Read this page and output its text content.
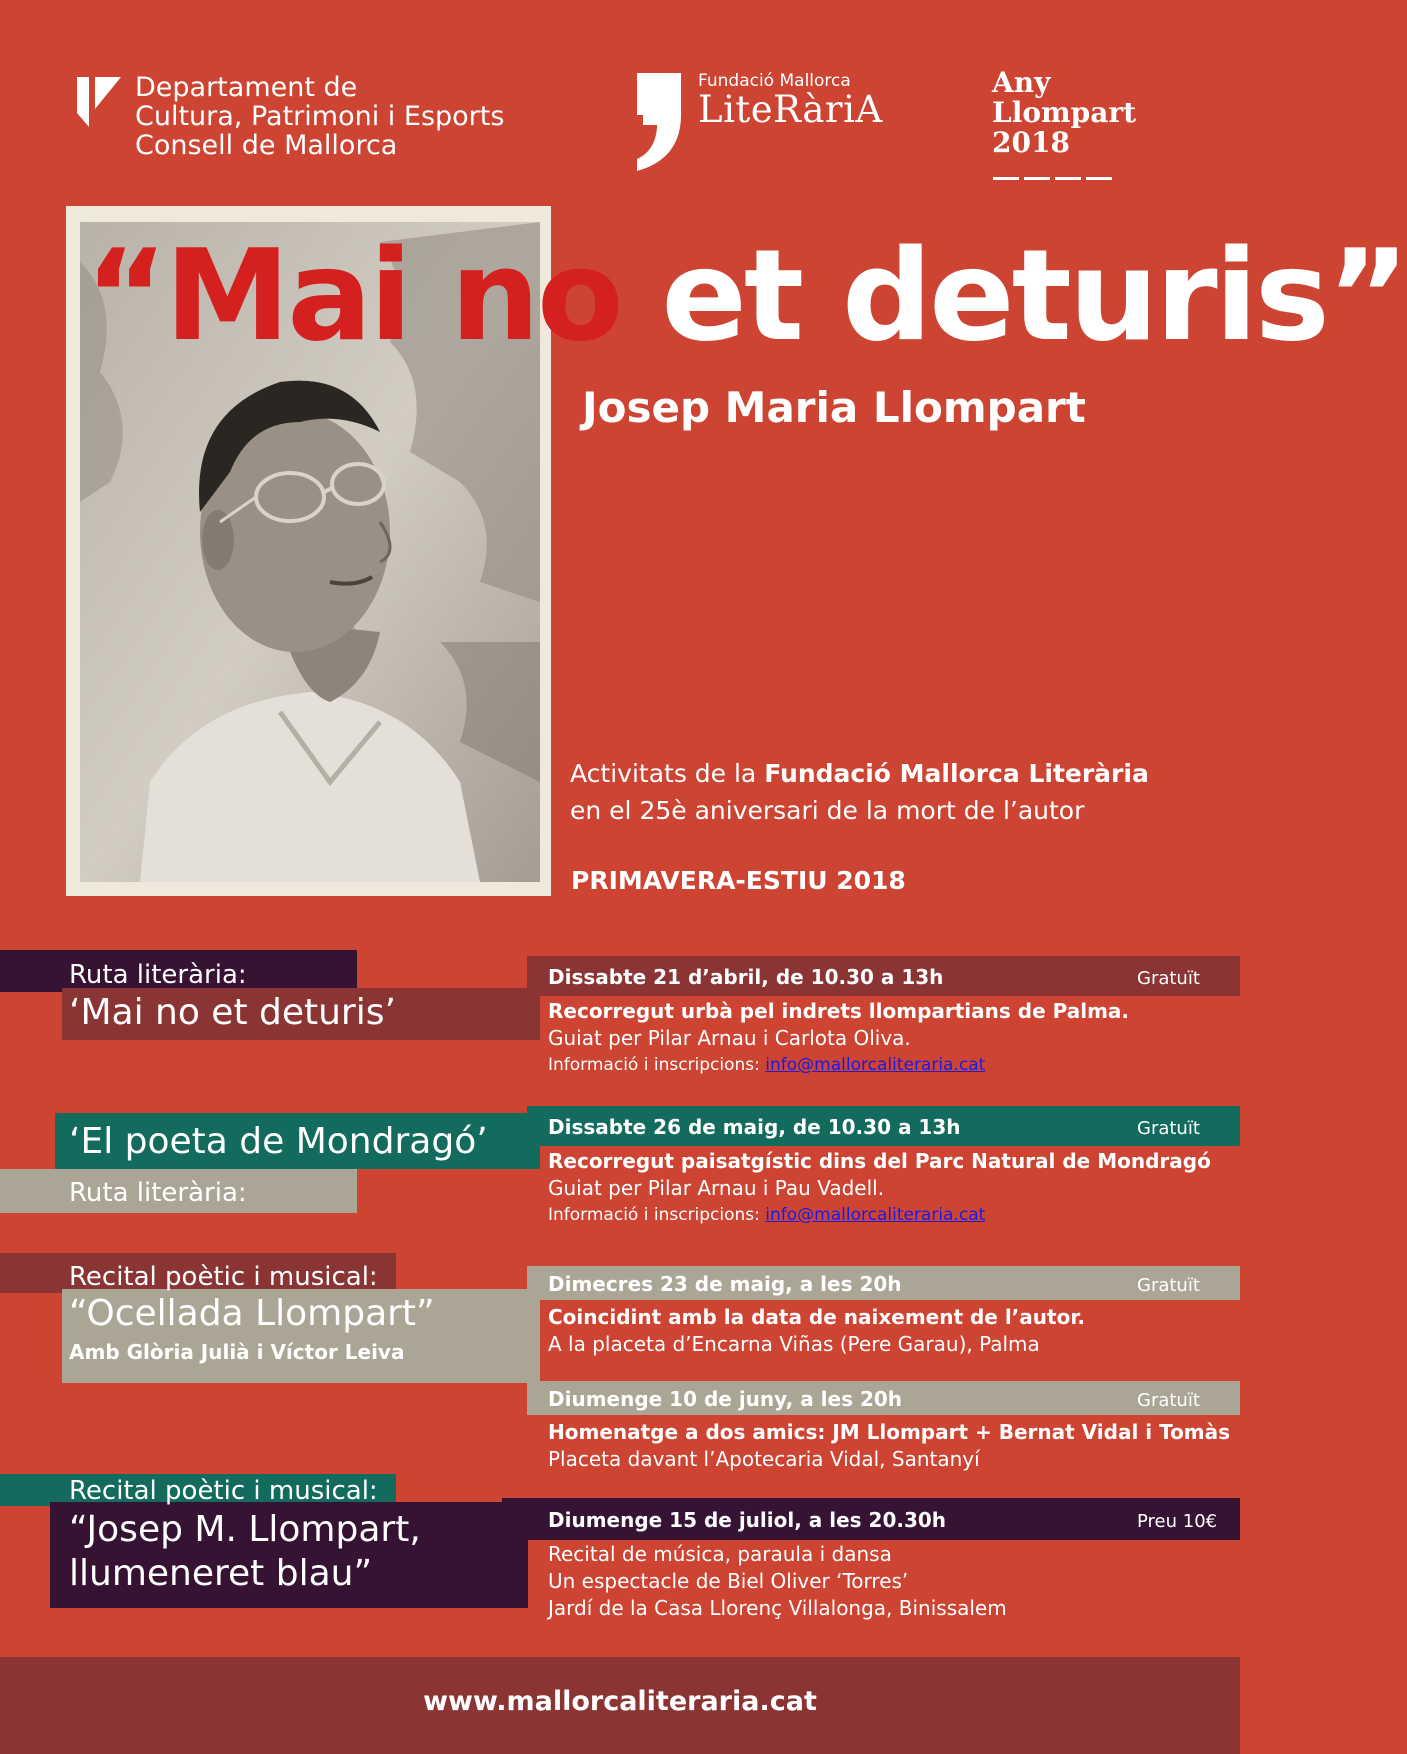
Departament de
Cultura, Patrimoni i Esports
Consell de Mallorca
Fundació Mallorca
LiteRàriA
Any
Llompart
2018
“Mai no et deturis”
Josep Maria Llompart
Activitats de la Fundació Mallorca Literària
en el 25è aniversari de la mort de l’autor
PRIMAVERA-ESTIU 2018
Ruta literària:
‘Mai no et deturis’
Dissabte 21 d’abril, de 10.30 a 13h	Gratuït
Recorregut urbà pel indrets llompartians de Palma.
Guiat per Pilar Arnau i Carlota Oliva.
Informació i inscripcions: info@mallorcaliteraria.cat
‘El poeta de Mondragó’
Ruta literària:
Dissabte 26 de maig, de 10.30 a 13h	Gratuït
Recorregut paisatgístic dins del Parc Natural de Mondragó
Guiat per Pilar Arnau i Pau Vadell.
Informació i inscripcions: info@mallorcaliteraria.cat
Recital poètic i musical:
“Ocellada Llompart”
Amb Glòria Julià i Víctor Leiva
Dimecres 23 de maig, a les 20h	Gratuït
Coincidint amb la data de naixement de l’autor.
A la placeta d’Encarna Viñas (Pere Garau), Palma
Diumenge 10 de juny, a les 20h	Gratuït
Homenatge a dos amics: JM Llompart + Bernat Vidal i Tomàs
Placeta davant l’Apotecaria Vidal, Santanyí
Recital poètic i musical:
“Josep M. Llompart,
llumeneret blau”
Diumenge 15 de juliol, a les 20.30h	Preu 10€
Recital de música, paraula i dansa
Un espectacle de Biel Oliver ‘Torres’
Jardí de la Casa Llorenç Villalonga, Binissalem
www.mallorcaliteraria.cat
